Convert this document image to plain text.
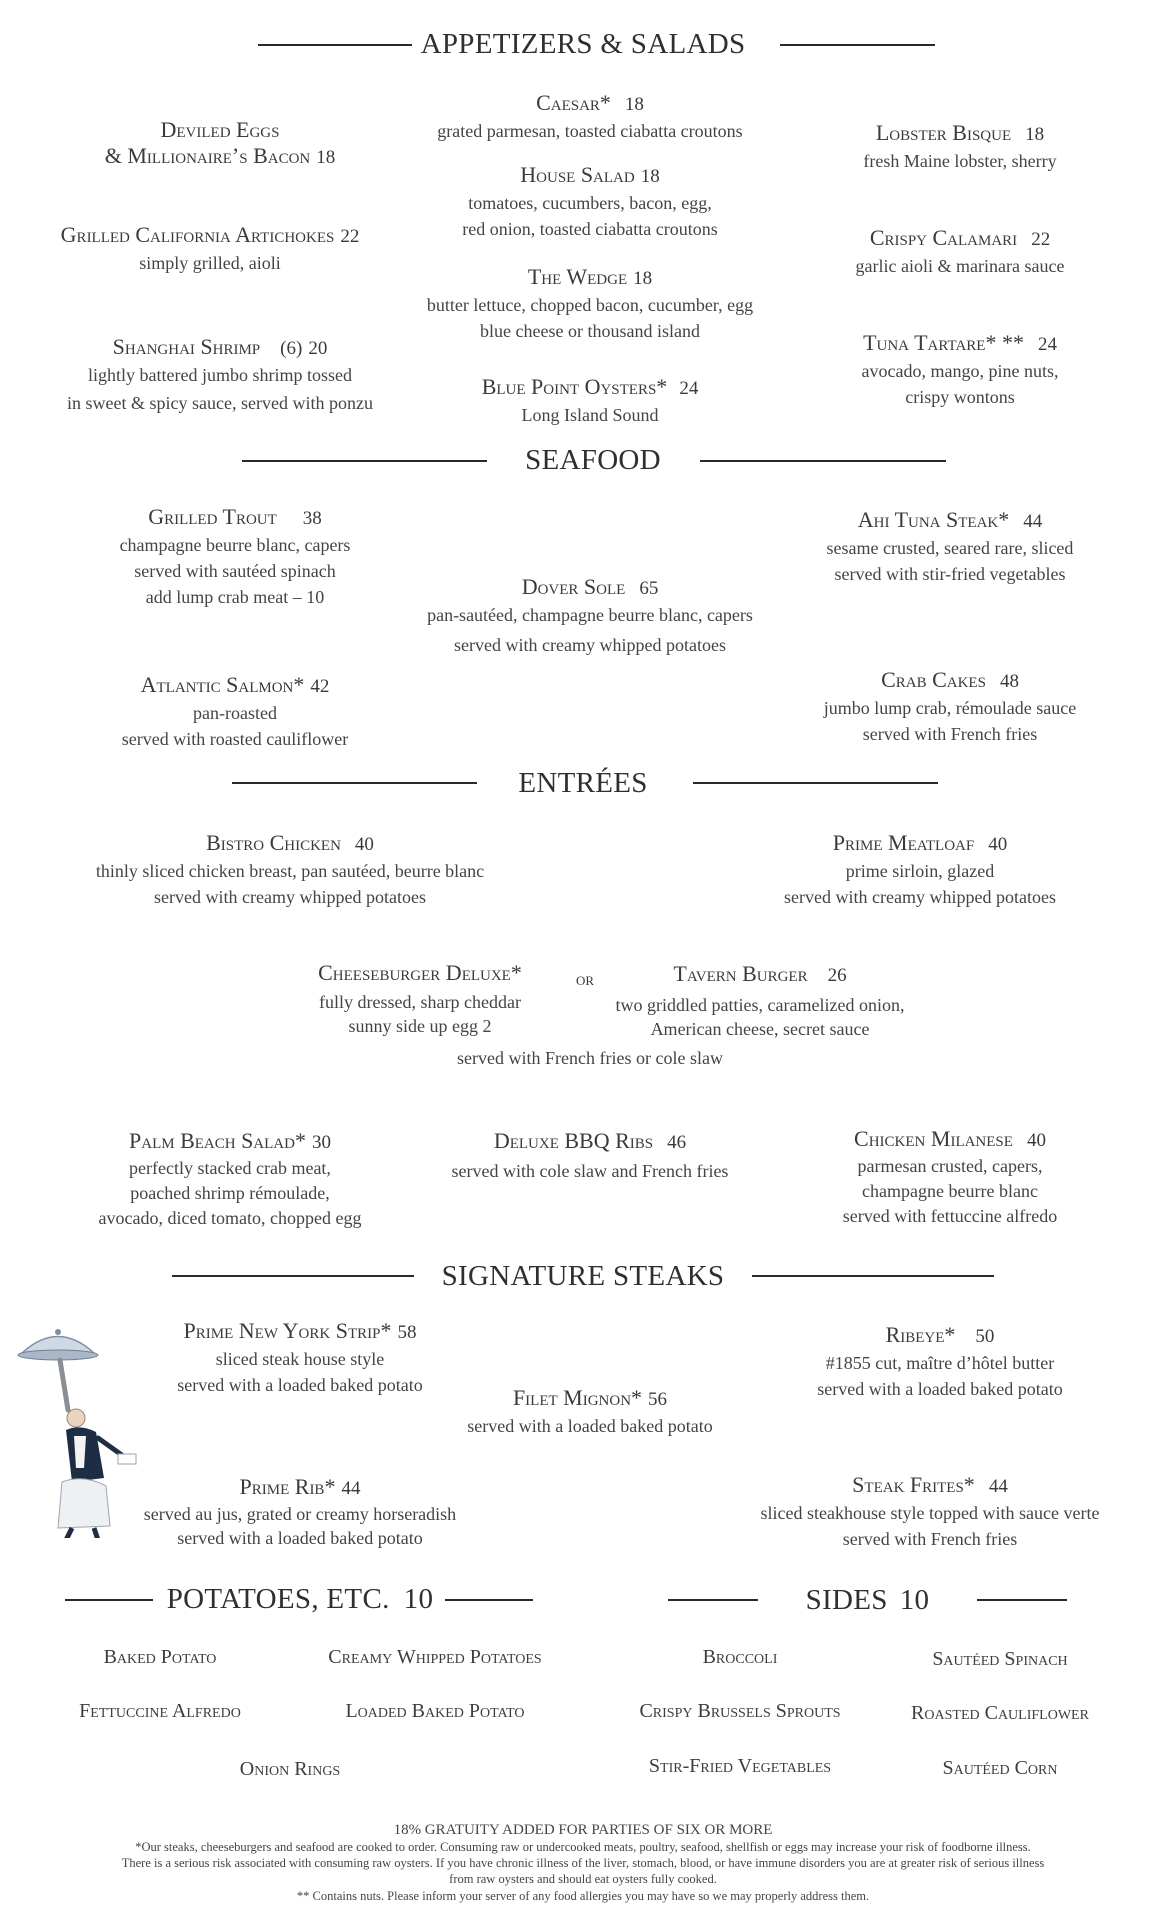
APPETIZERS & SALADS
Deviled Eggs
& Millionaire’s Bacon 18
Grilled California Artichokes 22
simply grilled, aioli
Shanghai Shrimp (6) 20
lightly battered jumbo shrimp tossed
in sweet & spicy sauce, served with ponzu
Caesar* 18
grated parmesan, toasted ciabatta croutons
House Salad 18
tomatoes, cucumbers, bacon, egg,
red onion, toasted ciabatta croutons
The Wedge 18
butter lettuce, chopped bacon, cucumber, egg
blue cheese or thousand island
Blue Point Oysters* 24
Long Island Sound
Lobster Bisque 18
fresh Maine lobster, sherry
Crispy Calamari 22
garlic aioli & marinara sauce
Tuna Tartare* ** 24
avocado, mango, pine nuts,
crispy wontons
SEAFOOD
Grilled Trout 38
champagne beurre blanc, capers
served with sautéed spinach
add lump crab meat – 10	Dover Sole 65
pan-sautéed, champagne beurre blanc, capers
served with creamy whipped potatoes
Ahi Tuna Steak* 44
sesame crusted, seared rare, sliced
served with stir-fried vegetables
Atlantic Salmon* 42
pan-roasted
served with roasted cauliflower
Crab Cakes 48
jumbo lump crab, rémoulade sauce
served with French fries
ENTRÉES
Bistro Chicken 40
thinly sliced chicken breast, pan sautéed, beurre blanc
served with creamy whipped potatoes
Prime Meatloaf 40
prime sirloin, glazed
served with creamy whipped potatoes
Cheeseburger Deluxe*
fully dressed, sharp cheddar
sunny side up egg 2
or	Tavern Burger 26
two griddled patties, caramelized onion,
American cheese, secret sauce
served with French fries or cole slaw
Palm Beach Salad* 30
perfectly stacked crab meat,
poached shrimp rémoulade,
avocado, diced tomato, chopped egg
Deluxe BBQ Ribs 46
served with cole slaw and French fries
Chicken Milanese 40
parmesan crusted, capers,
champagne beurre blanc
served with fettuccine alfredo
SIGNATURE STEAKS
Prime New York Strip* 58
sliced steak house style
served with a loaded baked potato	Filet Mignon* 56
served with a loaded baked potato
Ribeye* 50
#1855 cut, maître d’hôtel butter
served with a loaded baked potato
Prime Rib* 44
served au jus, grated or creamy horseradish
served with a loaded baked potato
Steak Frites* 44
sliced steakhouse style topped with sauce verte
served with French fries
POTATOES, ETC. 10	SIDES 10
Baked Potato	Creamy Whipped Potatoes
Fettuccine Alfredo	Loaded Baked Potato
Onion Rings
Broccoli	Sautéed Spinach
Crispy Brussels Sprouts	Roasted Cauliflower
Stir-Fried Vegetables	Sautéed Corn
18% GRATUITY ADDED FOR PARTIES OF SIX OR MORE
*Our steaks, cheeseburgers and seafood are cooked to order. Consuming raw or undercooked meats, poultry, seafood, shellfish or eggs may increase your risk of foodborne illness.
There is a serious risk associated with consuming raw oysters. If you have chronic illness of the liver, stomach, blood, or have immune disorders you are at greater risk of serious illness
from raw oysters and should eat oysters fully cooked.
** Contains nuts. Please inform your server of any food allergies you may have so we may properly address them.
